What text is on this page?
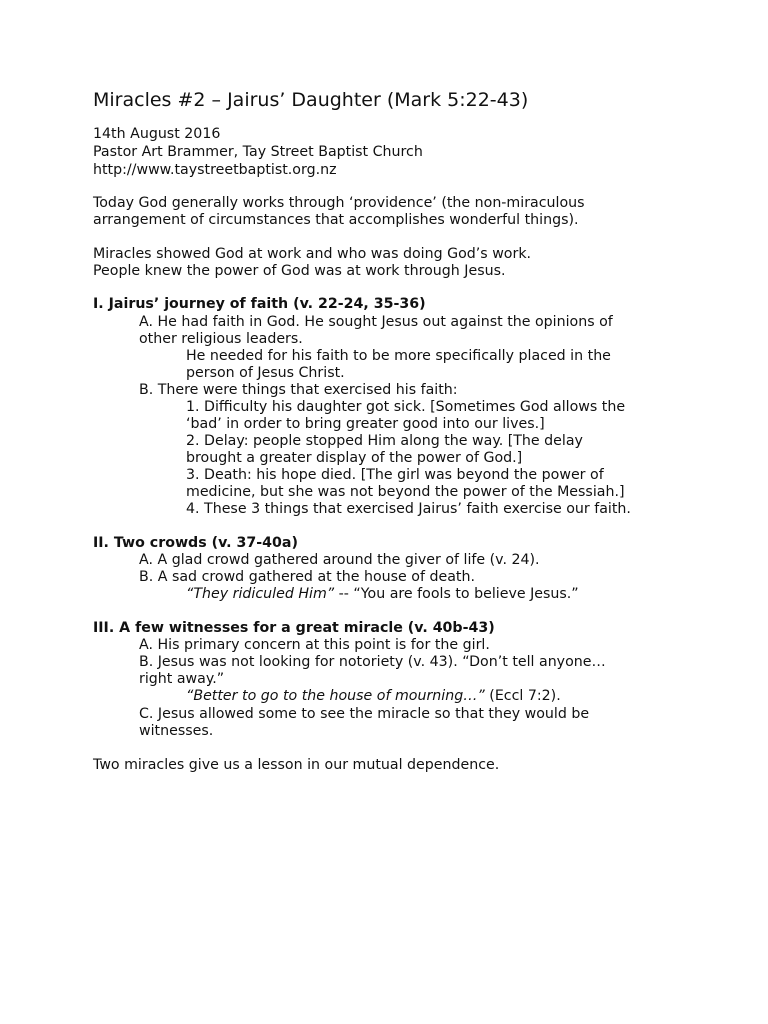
Miracles #2 – Jairus’ Daughter (Mark 5:22-43)
14th August 2016
Pastor Art Brammer, Tay Street Baptist Church
http://www.taystreetbaptist.org.nz
Today God generally works through ‘providence’ (the non-miraculous
arrangement of circumstances that accomplishes wonderful things).
Miracles showed God at work and who was doing God’s work.
People knew the power of God was at work through Jesus.
I. Jairus’ journey of faith (v. 22-24, 35-36)
A. He had faith in God. He sought Jesus out against the opinions of
other religious leaders.
He needed for his faith to be more specifically placed in the
person of Jesus Christ.
B. There were things that exercised his faith:
1. Difficulty his daughter got sick. [Sometimes God allows the
‘bad’ in order to bring greater good into our lives.]
2. Delay: people stopped Him along the way. [The delay
brought a greater display of the power of God.]
3. Death: his hope died. [The girl was beyond the power of
medicine, but she was not beyond the power of the Messiah.]
4. These 3 things that exercised Jairus’ faith exercise our faith.
II. Two crowds (v. 37-40a)
A. A glad crowd gathered around the giver of life (v. 24).
B. A sad crowd gathered at the house of death.
“They ridiculed Him” -- “You are fools to believe Jesus.”
III. A few witnesses for a great miracle (v. 40b-43)
A. His primary concern at this point is for the girl.
B. Jesus was not looking for notoriety (v. 43). “Don’t tell anyone…
right away.”
“Better to go to the house of mourning…” (Eccl 7:2).
C. Jesus allowed some to see the miracle so that they would be
witnesses.
Two miracles give us a lesson in our mutual dependence.
